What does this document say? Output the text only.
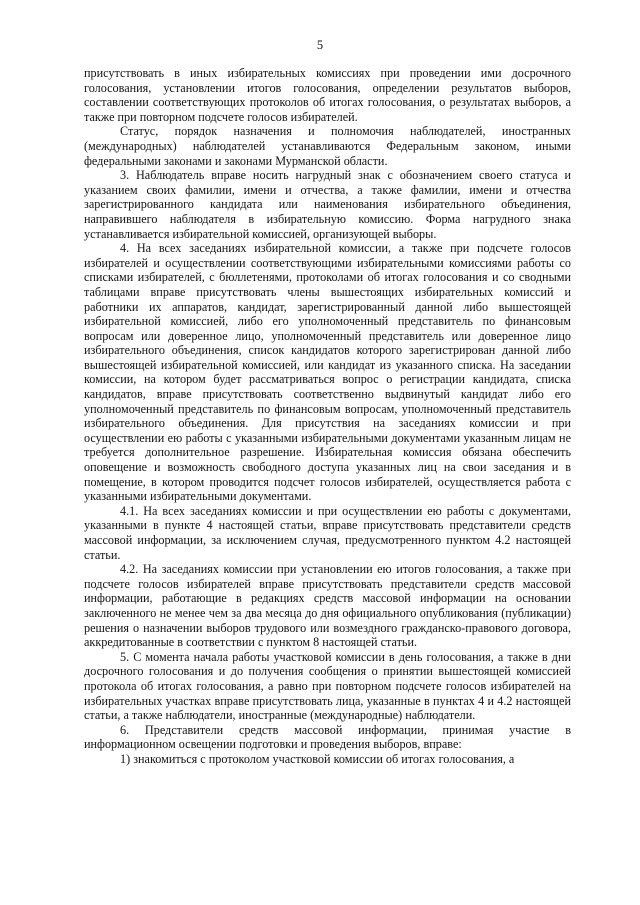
5

присутствовать в иных избирательных комиссиях при проведении ими досрочного голосования, установлении итогов голосования, определении результатов выборов, составлении соответствующих протоколов об итогах голосования, о результатах выборов, а также при повторном подсчете голосов избирателей.

Статус, порядок назначения и полномочия наблюдателей, иностранных (международных) наблюдателей устанавливаются Федеральным законом, иными федеральными законами и законами Мурманской области.

3. Наблюдатель вправе носить нагрудный знак с обозначением своего статуса и указанием своих фамилии, имени и отчества, а также фамилии, имени и отчества зарегистрированного кандидата или наименования избирательного объединения, направившего наблюдателя в избирательную комиссию. Форма нагрудного знака устанавливается избирательной комиссией, организующей выборы.

4. На всех заседаниях избирательной комиссии, а также при подсчете голосов избирателей и осуществлении соответствующими избирательными комиссиями работы со списками избирателей, с бюллетенями, протоколами об итогах голосования и со сводными таблицами вправе присутствовать члены вышестоящих избирательных комиссий и работники их аппаратов, кандидат, зарегистрированный данной либо вышестоящей избирательной комиссией, либо его уполномоченный представитель по финансовым вопросам или доверенное лицо, уполномоченный представитель или доверенное лицо избирательного объединения, список кандидатов которого зарегистрирован данной либо вышестоящей избирательной комиссией, или кандидат из указанного списка. На заседании комиссии, на котором будет рассматриваться вопрос о регистрации кандидата, списка кандидатов, вправе присутствовать соответственно выдвинутый кандидат либо его уполномоченный представитель по финансовым вопросам, уполномоченный представитель избирательного объединения. Для присутствия на заседаниях комиссии и при осуществлении ею работы с указанными избирательными документами указанным лицам не требуется дополнительное разрешение. Избирательная комиссия обязана обеспечить оповещение и возможность свободного доступа указанных лиц на свои заседания и в помещение, в котором проводится подсчет голосов избирателей, осуществляется работа с указанными избирательными документами.

4.1. На всех заседаниях комиссии и при осуществлении ею работы с документами, указанными в пункте 4 настоящей статьи, вправе присутствовать представители средств массовой информации, за исключением случая, предусмотренного пунктом 4.2 настоящей статьи.

4.2. На заседаниях комиссии при установлении ею итогов голосования, а также при подсчете голосов избирателей вправе присутствовать представители средств массовой информации, работающие в редакциях средств массовой информации на основании заключенного не менее чем за два месяца до дня официального опубликования (публикации) решения о назначении выборов трудового или возмездного гражданско-правового договора, аккредитованные в соответствии с пунктом 8 настоящей статьи.

5. С момента начала работы участковой комиссии в день голосования, а также в дни досрочного голосования и до получения сообщения о принятии вышестоящей комиссией протокола об итогах голосования, а равно при повторном подсчете голосов избирателей на избирательных участках вправе присутствовать лица, указанные в пунктах 4 и 4.2 настоящей статьи, а также наблюдатели, иностранные (международные) наблюдатели.

6. Представители средств массовой информации, принимая участие в информационном освещении подготовки и проведения выборов, вправе:

1) знакомиться с протоколом участковой комиссии об итогах голосования, а
